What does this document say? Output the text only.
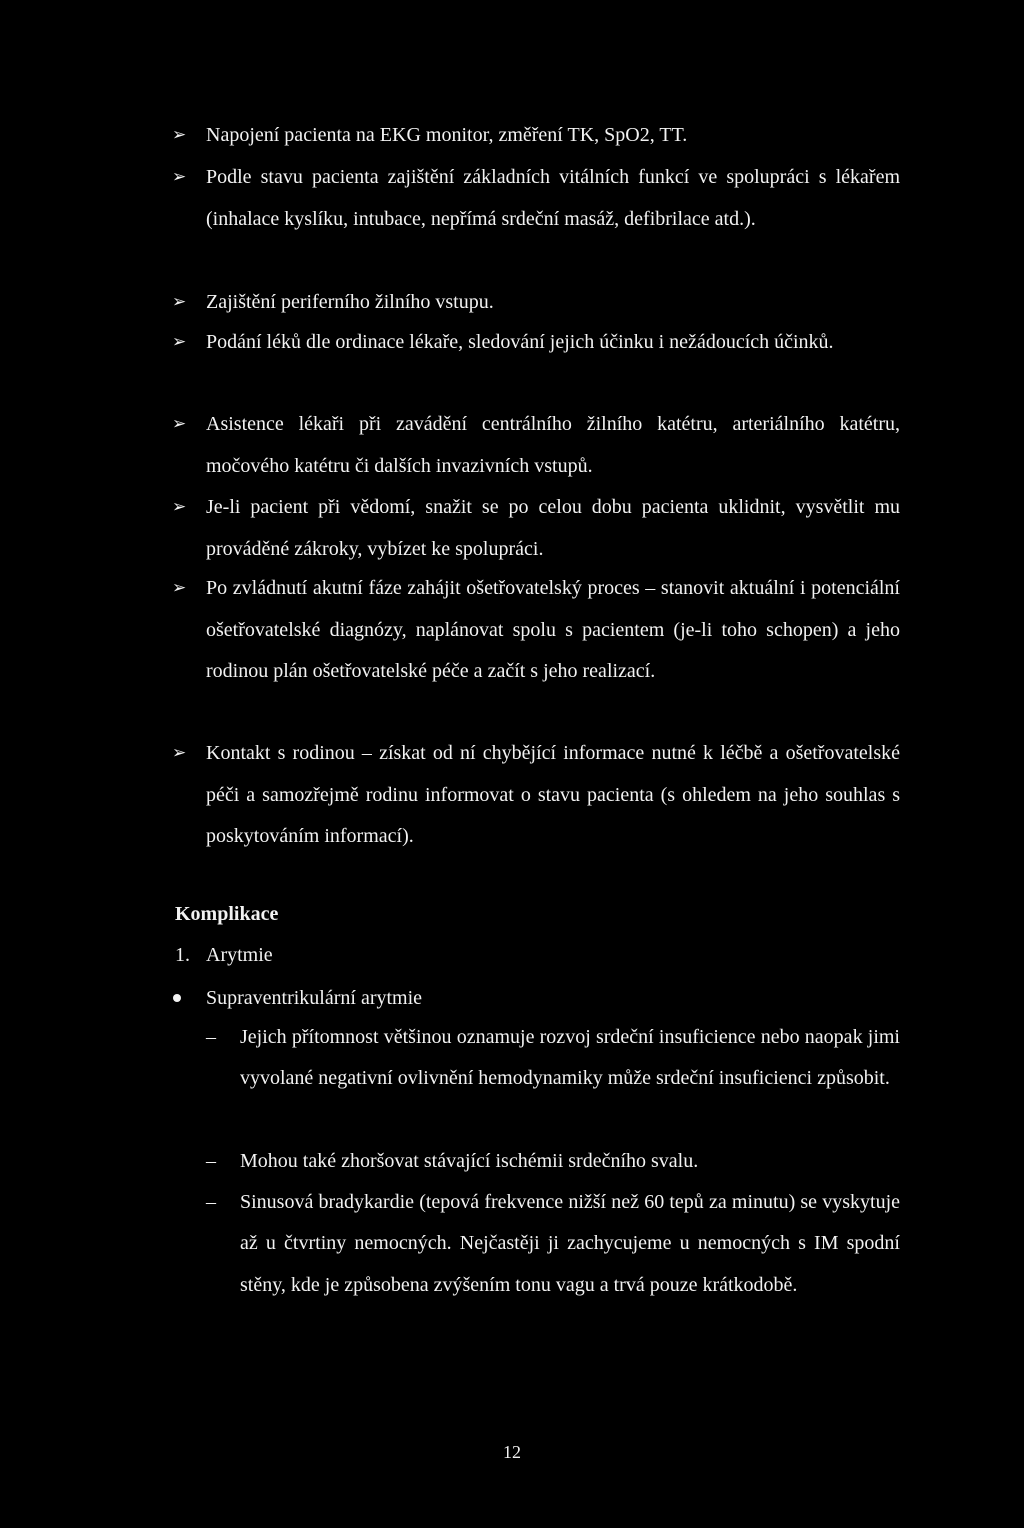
➢ Napojení pacienta na EKG monitor, změření TK, SpO2, TT.
➢ Podle stavu pacienta zajištění základních vitálních funkcí ve spolupráci s lékařem (inhalace kyslíku, intubace, nepřímá srdeční masáž, defibrilace atd.).
➢ Zajištění periferního žilního vstupu.
➢ Podání léků dle ordinace lékaře, sledování jejich účinku i nežádoucích účinků.
➢ Asistence lékaři při zavádění centrálního žilního katétru, arteriálního katétru, močového katétru či dalších invazivních vstupů.
➢ Je-li pacient při vědomí, snažit se po celou dobu pacienta uklidnit, vysvětlit mu prováděné zákroky, vybízet ke spolupráci.
➢ Po zvládnutí akutní fáze zahájit ošetřovatelský proces – stanovit aktuální i potenciální ošetřovatelské diagnózy, naplánovat spolu s pacientem (je-li toho schopen) a jeho rodinou plán ošetřovatelské péče a začít s jeho realizací.
➢ Kontakt s rodinou – získat od ní chybějící informace nutné k léčbě a ošetřovatelské péči a samozřejmě rodinu informovat o stavu pacienta (s ohledem na jeho souhlas s poskytováním informací).
Komplikace
1. Arytmie
Supraventrikulární arytmie
– Jejich přítomnost většinou oznamuje rozvoj srdeční insuficience nebo naopak jimi vyvolané negativní ovlivnění hemodynamiky může srdeční insuficienci způsobit.
– Mohou také zhoršovat stávající ischémii srdečního svalu.
– Sinusová bradykardie (tepová frekvence nižší než 60 tepů za minutu) se vyskytuje až u čtvrtiny nemocných. Nejčastěji ji zachycujeme u nemocných s IM spodní stěny, kde je způsobena zvýšením tonu vagu a trvá pouze krátkodobě.
12
